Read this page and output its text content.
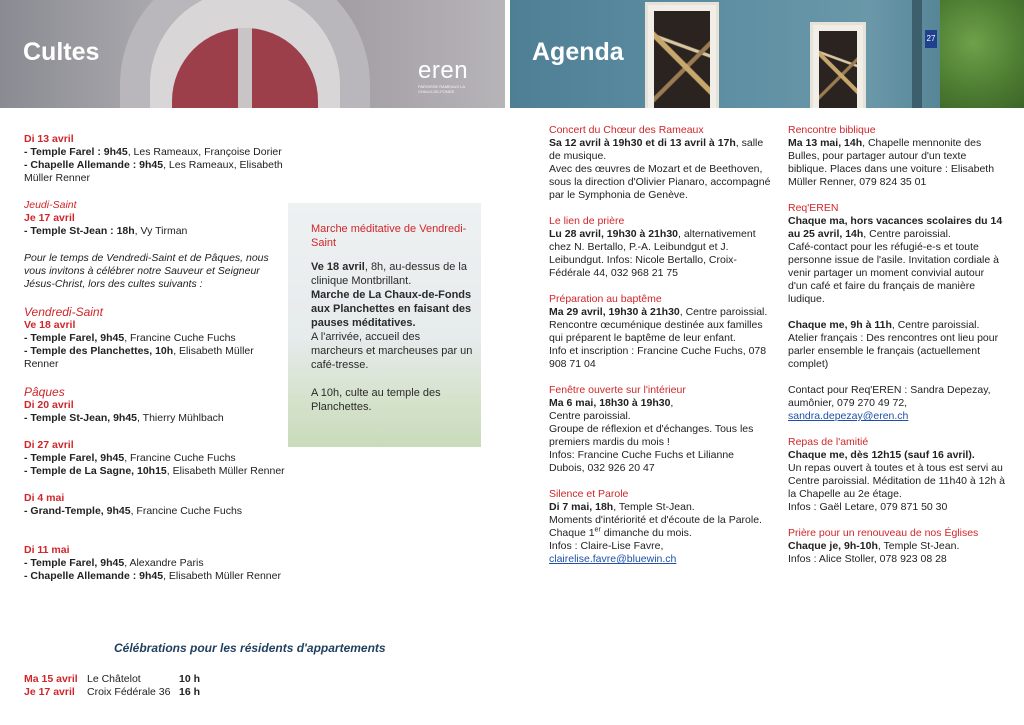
Cultes
eren
PAROISSE RAMEAUX LA CHAUX-DE-FONDS
27
Agenda
Di 13 avril
- Temple Farel : 9h45, Les Rameaux, Françoise Dorier
- Chapelle Allemande : 9h45, Les Rameaux, Elisabeth Müller Renner
Jeudi-Saint
Je 17 avril
- Temple St-Jean : 18h, Vy Tirman
Pour le temps de Vendredi-Saint et de Pâques, nous vous invitons à célébrer notre Sauveur et Seigneur Jésus-Christ, lors des cultes suivants :
Vendredi-Saint
Ve 18 avril
- Temple Farel, 9h45, Francine Cuche Fuchs
- Temple des Planchettes, 10h, Elisabeth Müller Renner
Pâques
Di 20 avril
- Temple St-Jean, 9h45, Thierry Mühlbach
Di 27 avril
- Temple Farel, 9h45, Francine Cuche Fuchs
- Temple de La Sagne, 10h15, Elisabeth Müller Renner
Di 4 mai
- Grand-Temple, 9h45, Francine Cuche Fuchs
Di 11 mai
- Temple Farel, 9h45, Alexandre Paris
- Chapelle Allemande : 9h45, Elisabeth Müller Renner
Marche méditative de Vendredi-Saint
Ve 18 avril, 8h, au-dessus de la clinique Montbrillant.
Marche de La Chaux-de-Fonds aux Planchettes en faisant des pauses méditatives.
A l'arrivée, accueil des marcheurs et marcheuses par un café-tresse.
A 10h, culte au temple des Planchettes.
Célébrations pour les résidents d'appartements
Ma 15 avril Le Châtelot	10 h
Je 17 avril Croix Fédérale 36 16 h
Concert du Chœur des Rameaux
Sa 12 avril à 19h30 et di 13 avril à 17h, salle de musique.
Avec des œuvres de Mozart et de Beethoven, sous la direction d'Olivier Pianaro, accompagné par le Symphonia de Genève.
Le lien de prière
Lu 28 avril, 19h30 à 21h30, alternativement chez N. Bertallo, P.-A. Leibundgut et J. Leibundgut. Infos: Nicole Bertallo, Croix-Fédérale 44, 032 968 21 75
Préparation au baptême
Ma 29 avril, 19h30 à 21h30, Centre paroissial.
Rencontre œcuménique destinée aux familles qui préparent le baptême de leur enfant.
Info et inscription : Francine Cuche Fuchs, 078 908 71 04
Fenêtre ouverte sur l'intérieur
Ma 6 mai, 18h30 à 19h30,
Centre paroissial.
Groupe de réflexion et d'échanges. Tous les premiers mardis du mois !
Infos: Francine Cuche Fuchs et Lilianne Dubois, 032 926 20 47
Silence et Parole
Di 7 mai, 18h, Temple St-Jean.
Moments d'intériorité et d'écoute de la Parole. Chaque 1er dimanche du mois.
Infos : Claire-Lise Favre,
clairelise.favre@bluewin.ch
Rencontre biblique
Ma 13 mai, 14h, Chapelle mennonite des Bulles, pour partager autour d'un texte biblique. Places dans une voiture : Elisabeth Müller Renner, 079 824 35 01
Req'EREN
Chaque ma, hors vacances scolaires du 14 au 25 avril, 14h, Centre paroissial.
Café-contact pour les réfugié-e-s et toute personne issue de l'asile. Invitation cordiale à venir partager un moment convivial autour d'un café et faire du français de manière ludique.
Chaque me, 9h à 11h, Centre paroissial.
Atelier français : Des rencontres ont lieu pour parler ensemble le français (actuellement complet)
Contact pour Req'EREN : Sandra Depezay, aumônier, 079 270 49 72,
sandra.depezay@eren.ch
Repas de l'amitié
Chaque me, dès 12h15 (sauf 16 avril).
Un repas ouvert à toutes et à tous est servi au Centre paroissial. Méditation de 11h40 à 12h à la Chapelle au 2e étage.
Infos : Gaël Letare, 079 871 50 30
Prière pour un renouveau de nos Églises
Chaque je, 9h-10h, Temple St-Jean.
Infos : Alice Stoller, 078 923 08 28
